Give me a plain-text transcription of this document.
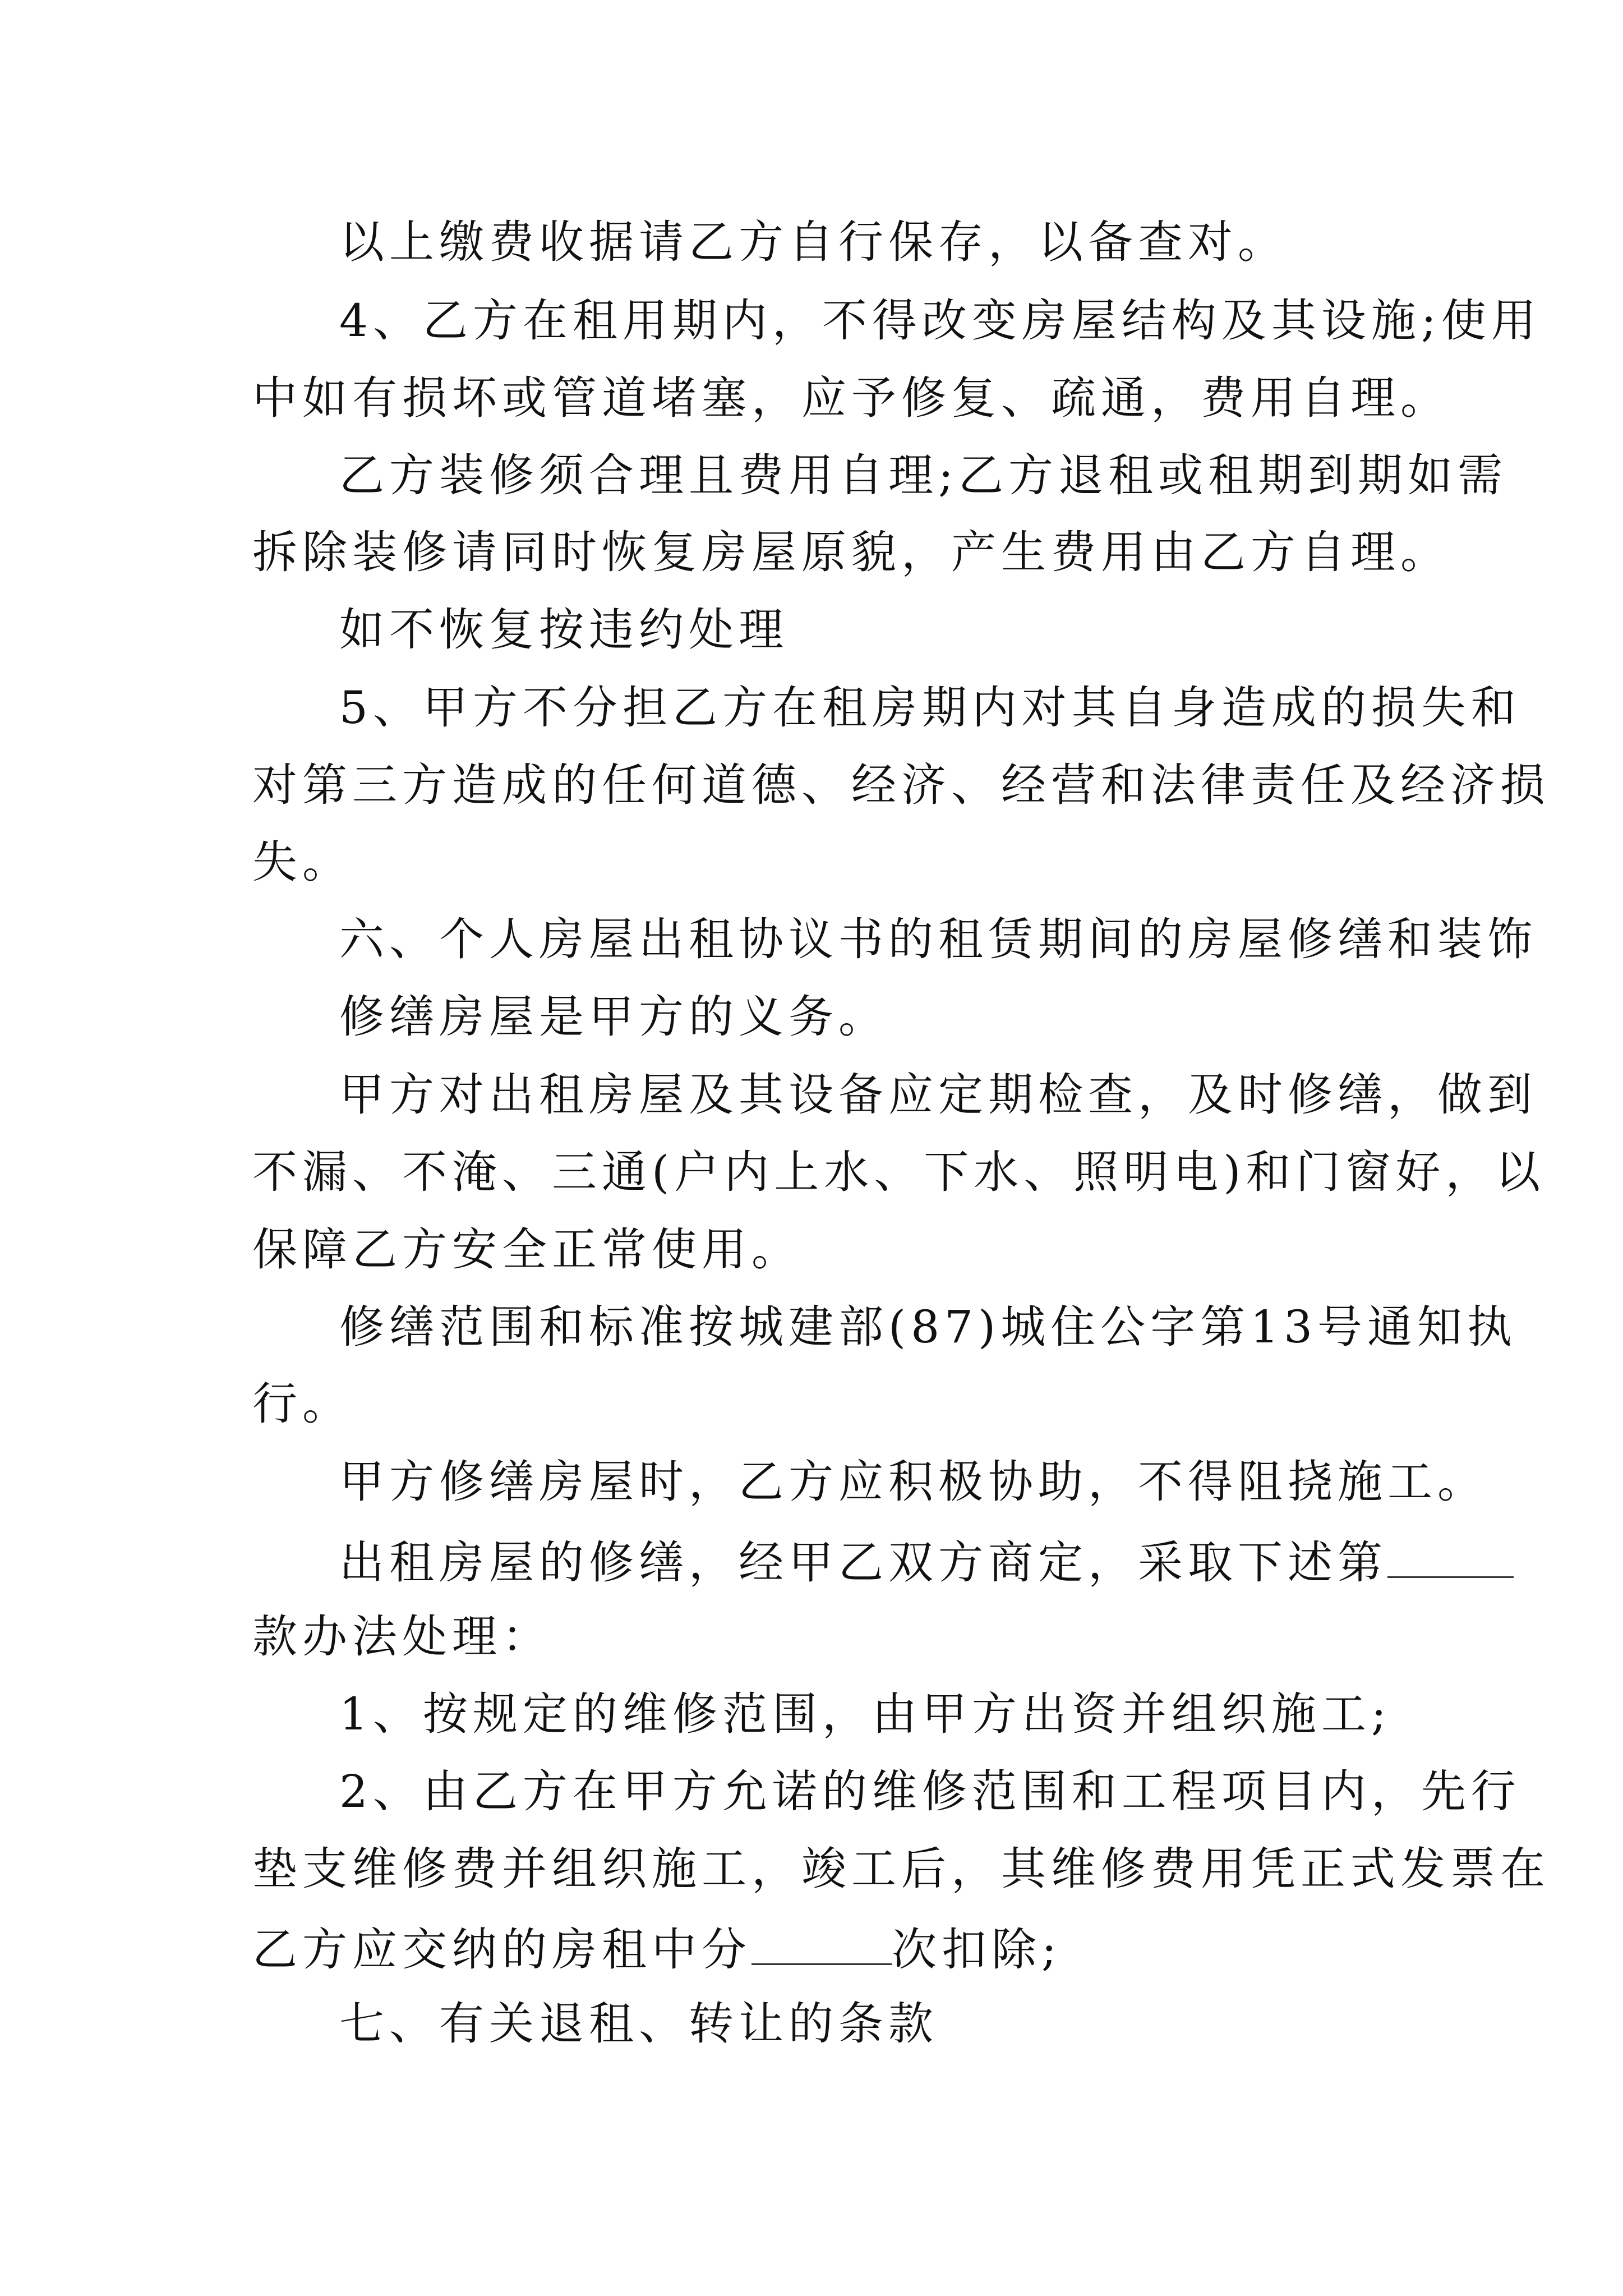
以上缴费收据请乙方自行保存，以备查对。
4、乙方在租用期内，不得改变房屋结构及其设施;使用
中如有损坏或管道堵塞，应予修复、疏通，费用自理。
乙方装修须合理且费用自理;乙方退租或租期到期如需
拆除装修请同时恢复房屋原貌，产生费用由乙方自理。
如不恢复按违约处理
5、甲方不分担乙方在租房期内对其自身造成的损失和
对第三方造成的任何道德、经济、经营和法律责任及经济损
失。
六、个人房屋出租协议书的租赁期间的房屋修缮和装饰
修缮房屋是甲方的义务。
甲方对出租房屋及其设备应定期检查，及时修缮，做到
不漏、不淹、三通(户内上水、下水、照明电)和门窗好，以
保障乙方安全正常使用。
修缮范围和标准按城建部(87)城住公字第13号通知执
行。
甲方修缮房屋时，乙方应积极协助，不得阻挠施工。
出租房屋的修缮，经甲乙双方商定，采取下述第
款办法处理：
1、按规定的维修范围，由甲方出资并组织施工;
2、由乙方在甲方允诺的维修范围和工程项目内，先行
垫支维修费并组织施工，竣工后，其维修费用凭正式发票在
乙方应交纳的房租中分	次扣除;
七、有关退租、转让的条款
